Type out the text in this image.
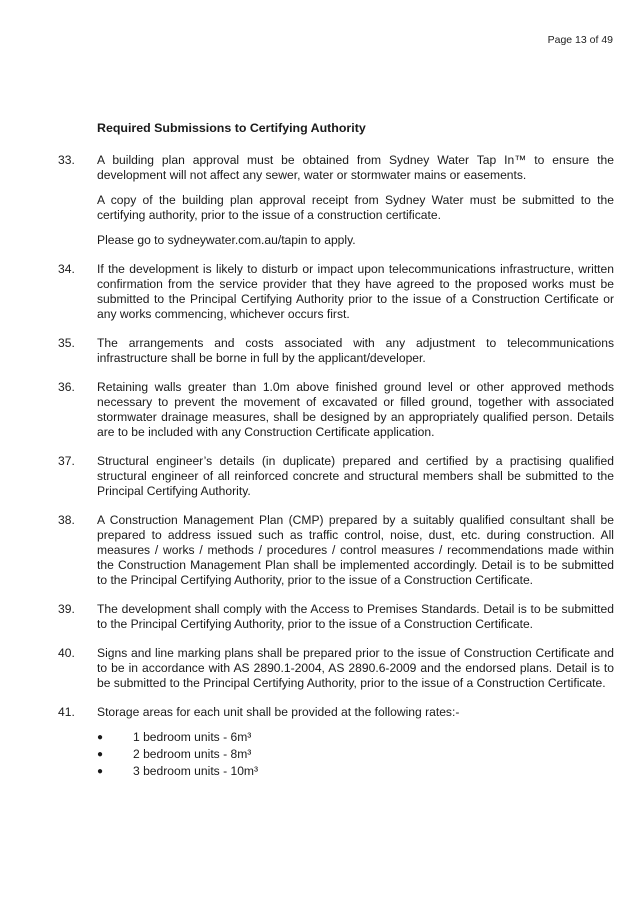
Page 13 of 49
Required Submissions to Certifying Authority
33.	A building plan approval must be obtained from Sydney Water Tap In™ to ensure the development will not affect any sewer, water or stormwater mains or easements.

A copy of the building plan approval receipt from Sydney Water must be submitted to the certifying authority, prior to the issue of a construction certificate.

Please go to sydneywater.com.au/tapin to apply.

34.	If the development is likely to disturb or impact upon telecommunications infrastructure, written confirmation from the service provider that they have agreed to the proposed works must be submitted to the Principal Certifying Authority prior to the issue of a Construction Certificate or any works commencing, whichever occurs first.

35.	The arrangements and costs associated with any adjustment to telecommunications infrastructure shall be borne in full by the applicant/developer.

36.	Retaining walls greater than 1.0m above finished ground level or other approved methods necessary to prevent the movement of excavated or filled ground, together with associated stormwater drainage measures, shall be designed by an appropriately qualified person. Details are to be included with any Construction Certificate application.

37.	Structural engineer’s details (in duplicate) prepared and certified by a practising qualified structural engineer of all reinforced concrete and structural members shall be submitted to the Principal Certifying Authority.

38.	A Construction Management Plan (CMP) prepared by a suitably qualified consultant shall be prepared to address issued such as traffic control, noise, dust, etc. during construction. All measures / works / methods / procedures / control measures / recommendations made within the Construction Management Plan shall be implemented accordingly. Detail is to be submitted to the Principal Certifying Authority, prior to the issue of a Construction Certificate.

39.	The development shall comply with the Access to Premises Standards. Detail is to be submitted to the Principal Certifying Authority, prior to the issue of a Construction Certificate.

40.	Signs and line marking plans shall be prepared prior to the issue of Construction Certificate and to be in accordance with AS 2890.1-2004, AS 2890.6-2009 and the endorsed plans. Detail is to be submitted to the Principal Certifying Authority, prior to the issue of a Construction Certificate.

41.	Storage areas for each unit shall be provided at the following rates:-

●	1 bedroom units - 6m³
●	2 bedroom units - 8m³
●	3 bedroom units - 10m³
